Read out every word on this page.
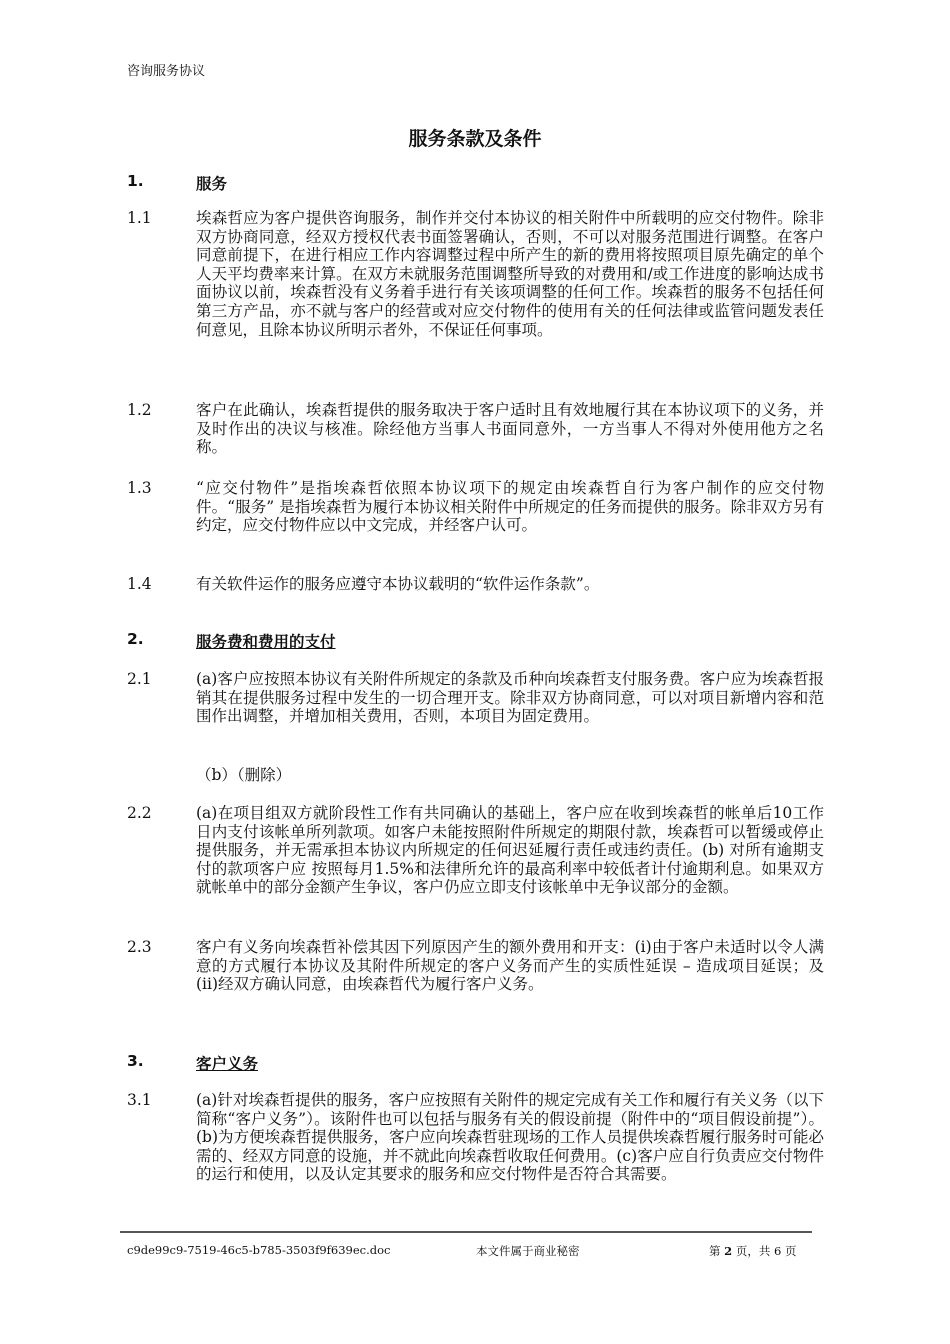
咨询服务协议
服务条款及条件
1.	服务
1.1	埃森哲应为客户提供咨询服务，制作并交付本协议的相关附件中所载明的应交付物件。除非双方协商同意，经双方授权代表书面签署确认，否则，不可以对服务范围进行调整。在客户同意前提下，在进行相应工作内容调整过程中所产生的新的费用将按照项目原先确定的单个人天平均费率来计算。在双方未就服务范围调整所导致的对费用和/或工作进度的影响达成书面协议以前，埃森哲没有义务着手进行有关该项调整的任何工作。埃森哲的服务不包括任何第三方产品，亦不就与客户的经营或对应交付物件的使用有关的任何法律或监管问题发表任何意见，且除本协议所明示者外，不保证任何事项。
1.2	客户在此确认，埃森哲提供的服务取决于客户适时且有效地履行其在本协议项下的义务，并及时作出的决议与核准。除经他方当事人书面同意外，一方当事人不得对外使用他方之名称。
1.3	“应交付物件”是指埃森哲依照本协议项下的规定由埃森哲自行为客户制作的应交付物件。“服务” 是指埃森哲为履行本协议相关附件中所规定的任务而提供的服务。除非双方另有约定，应交付物件应以中文完成，并经客户认可。
1.4	有关软件运作的服务应遵守本协议载明的“软件运作条款”。
2.	服务费和费用的支付
2.1	(a)客户应按照本协议有关附件所规定的条款及币种向埃森哲支付服务费。客户应为埃森哲报销其在提供服务过程中发生的一切合理开支。除非双方协商同意，可以对项目新增内容和范围作出调整，并增加相关费用，否则，本项目为固定费用。
（b）（删除）
2.2	(a)在项目组双方就阶段性工作有共同确认的基础上，客户应在收到埃森哲的帐单后10工作日内支付该帐单所列款项。如客户未能按照附件所规定的期限付款，埃森哲可以暂缓或停止提供服务，并无需承担本协议内所规定的任何迟延履行责任或违约责任。(b) 对所有逾期支付的款项客户应 按照每月1.5%和法律所允许的最高利率中较低者计付逾期利息。如果双方就帐单中的部分金额产生争议，客户仍应立即支付该帐单中无争议部分的金额。
2.3	客户有义务向埃森哲补偿其因下列原因产生的额外费用和开支：(i)由于客户未适时以令人满意的方式履行本协议及其附件所规定的客户义务而产生的实质性延误 – 造成项目延误；及(ii)经双方确认同意，由埃森哲代为履行客户义务。
3.	客户义务
3.1	(a)针对埃森哲提供的服务，客户应按照有关附件的规定完成有关工作和履行有关义务（以下简称“客户义务”）。该附件也可以包括与服务有关的假设前提（附件中的“项目假设前提”）。(b)为方便埃森哲提供服务，客户应向埃森哲驻现场的工作人员提供埃森哲履行服务时可能必需的、经双方同意的设施，并不就此向埃森哲收取任何费用。(c)客户应自行负责应交付物件的运行和使用，以及认定其要求的服务和应交付物件是否符合其需要。
c9de99c9-7519-46c5-b785-3503f9f639ec.doc	本文件属于商业秘密	第 2 页，共 6 页
